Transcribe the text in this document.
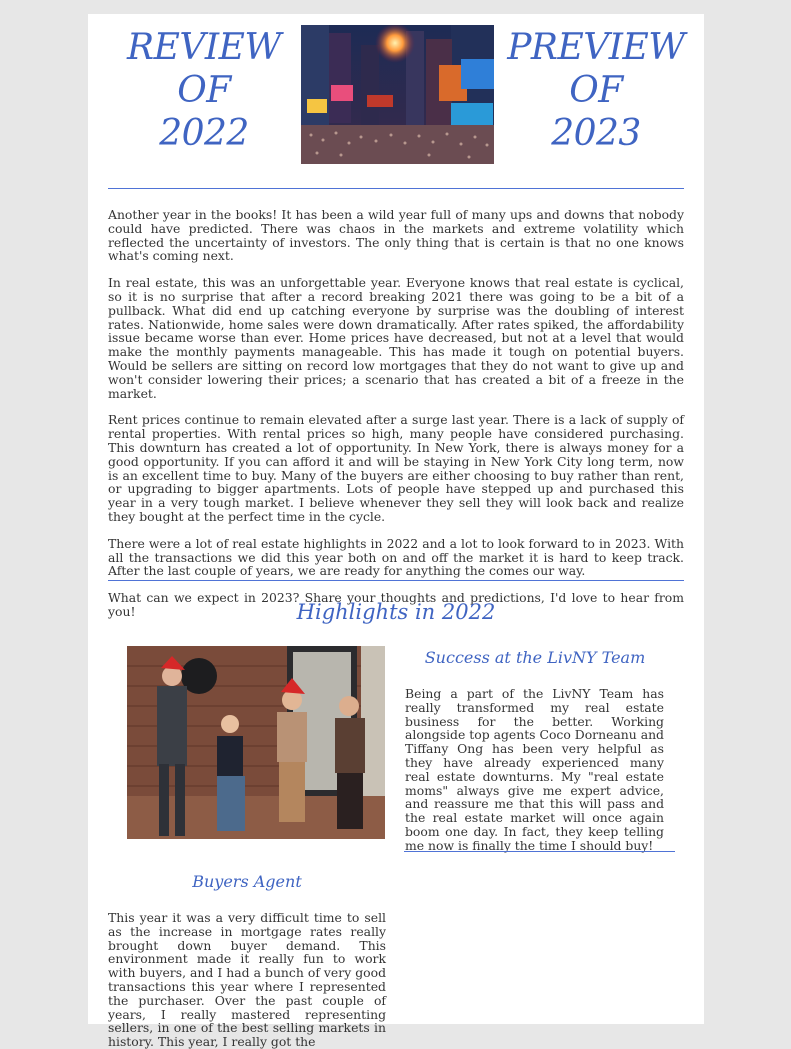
REVIEW
OF
2022
PREVIEW
OF
2023

Another year in the books! It has been a wild year full of many ups and downs that nobody could have predicted. There was chaos in the markets and extreme volatility which reflected the uncertainty of investors. The only thing that is certain is that no one knows what's coming next.

In real estate, this was an unforgettable year. Everyone knows that real estate is cyclical, so it is no surprise that after a record breaking 2021 there was going to be a bit of a pullback. What did end up catching everyone by surprise was the doubling of interest rates. Nationwide, home sales were down dramatically. After rates spiked, the affordability issue became worse than ever. Home prices have decreased, but not at a level that would make the monthly payments manageable. This has made it tough on potential buyers. Would be sellers are sitting on record low mortgages that they do not want to give up and won't consider lowering their prices; a scenario that has created a bit of a freeze in the market.

Rent prices continue to remain elevated after a surge last year. There is a lack of supply of rental properties. With rental prices so high, many people have considered purchasing. This downturn has created a lot of opportunity. In New York, there is always money for a good opportunity. If you can afford it and will be staying in New York City long term, now is an excellent time to buy. Many of the buyers are either choosing to buy rather than rent, or upgrading to bigger apartments. Lots of people have stepped up and purchased this year in a very tough market. I believe whenever they sell they will look back and realize they bought at the perfect time in the cycle.

There were a lot of real estate highlights in 2022 and a lot to look forward to in 2023. With all the transactions we did this year both on and off the market it is hard to keep track. After the last couple of years, we are ready for anything the comes our way.

What can we expect in 2023? Share your thoughts and predictions, I'd love to hear from you!	Highlights in 2022
Success at the LivNY Team
Being a part of the LivNY Team has really transformed my real estate business for the better. Working alongside top agents Coco Dorneanu and Tiffany Ong has been very helpful as they have already experienced many real estate downturns. My "real estate moms" always give me expert advice, and reassure me that this will pass and the real estate market will once again boom one day. In fact, they keep telling me now is finally the time I should buy!
Buyers Agent
This year it was a very difficult time to sell as the increase in mortgage rates really brought down buyer demand. This environment made it really fun to work with buyers, and I had a bunch of very good transactions this year where I represented the purchaser. Over the past couple of years, I really mastered representing sellers, in one of the best selling markets in history. This year, I really got the
